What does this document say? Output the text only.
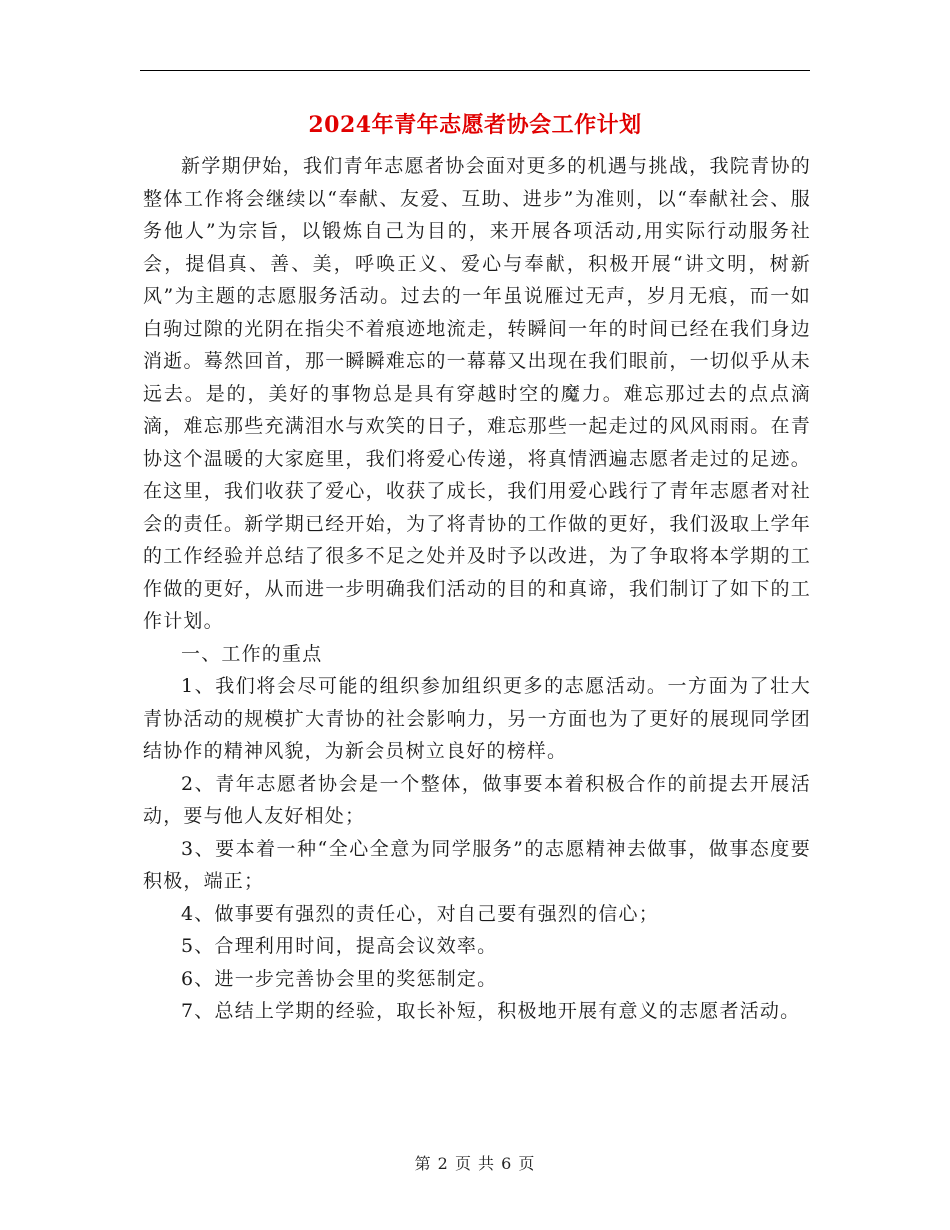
2024年青年志愿者协会工作计划

新学期伊始，我们青年志愿者协会面对更多的机遇与挑战，我院青协的整体工作将会继续以“奉献、友爱、互助、进步”为准则，以“奉献社会、服务他人”为宗旨，以锻炼自己为目的，来开展各项活动,用实际行动服务社会，提倡真、善、美，呼唤正义、爱心与奉献，积极开展“讲文明，树新风”为主题的志愿服务活动。过去的一年虽说雁过无声，岁月无痕，而一如白驹过隙的光阴在指尖不着痕迹地流走，转瞬间一年的时间已经在我们身边消逝。蓦然回首，那一瞬瞬难忘的一幕幕又出现在我们眼前，一切似乎从未远去。是的，美好的事物总是具有穿越时空的魔力。难忘那过去的点点滴滴，难忘那些充满泪水与欢笑的日子，难忘那些一起走过的风风雨雨。在青协这个温暖的大家庭里，我们将爱心传递，将真情洒遍志愿者走过的足迹。在这里，我们收获了爱心，收获了成长，我们用爱心践行了青年志愿者对社会的责任。新学期已经开始，为了将青协的工作做的更好，我们汲取上学年的工作经验并总结了很多不足之处并及时予以改进，为了争取将本学期的工作做的更好，从而进一步明确我们活动的目的和真谛，我们制订了如下的工作计划。

一、工作的重点

1、我们将会尽可能的组织参加组织更多的志愿活动。一方面为了壮大青协活动的规模扩大青协的社会影响力，另一方面也为了更好的展现同学团结协作的精神风貌，为新会员树立良好的榜样。

2、青年志愿者协会是一个整体，做事要本着积极合作的前提去开展活动，要与他人友好相处；

3、要本着一种“全心全意为同学服务”的志愿精神去做事，做事态度要积极，端正；

4、做事要有强烈的责任心，对自己要有强烈的信心；

5、合理利用时间，提高会议效率。

6、进一步完善协会里的奖惩制定。

7、总结上学期的经验，取长补短，积极地开展有意义的志愿者活动。

第 2 页 共 6 页
